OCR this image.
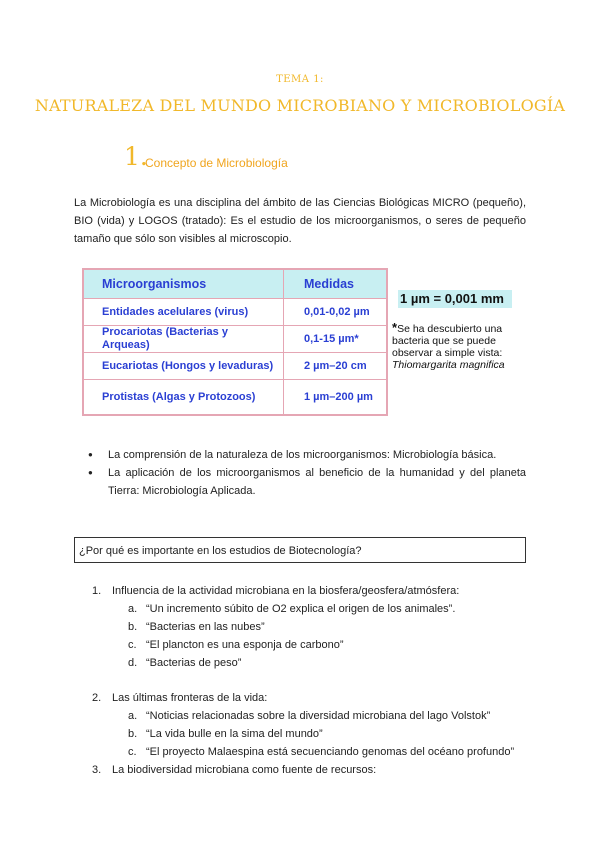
TEMA 1:
NATURALEZA DEL MUNDO MICROBIANO Y MICROBIOLOGÍA
1.
Concepto de Microbiología
La Microbiología es una disciplina del ámbito de las Ciencias Biológicas MICRO (pequeño), BIO (vida) y LOGOS (tratado): Es el estudio de los microorganismos, o seres de pequeño tamaño que sólo son visibles al microscopio.
Microorganismos	Medidas
Entidades acelulares (virus)	0,01-0,02 µm
Procariotas (Bacterias y Arqueas)	0,1-15 µm*
Eucariotas (Hongos y levaduras)	2 µm–20 cm
Protistas (Algas y Protozoos)	1 µm–200 µm
1 µm = 0,001 mm
*Se ha descubierto una bacteria que se puede observar a simple vista:
Thiomargarita magnifica
● La comprensión de la naturaleza de los microorganismos: Microbiología básica.
● La aplicación de los microorganismos al beneficio de la humanidad y del planeta Tierra: Microbiología Aplicada.
¿Por qué es importante en los estudios de Biotecnología?
1. Influencia de la actividad microbiana en la biosfera/geosfera/atmósfera:
a. “Un incremento súbito de O2 explica el origen de los animales”.
b. “Bacterias en las nubes”
c. “El plancton es una esponja de carbono”
d. “Bacterias de peso”
2. Las últimas fronteras de la vida:
a. “Noticias relacionadas sobre la diversidad microbiana del lago Volstok”
b. “La vida bulle en la sima del mundo”
c. “El proyecto Malaespina está secuenciando genomas del océano profundo”
3. La biodiversidad microbiana como fuente de recursos:
